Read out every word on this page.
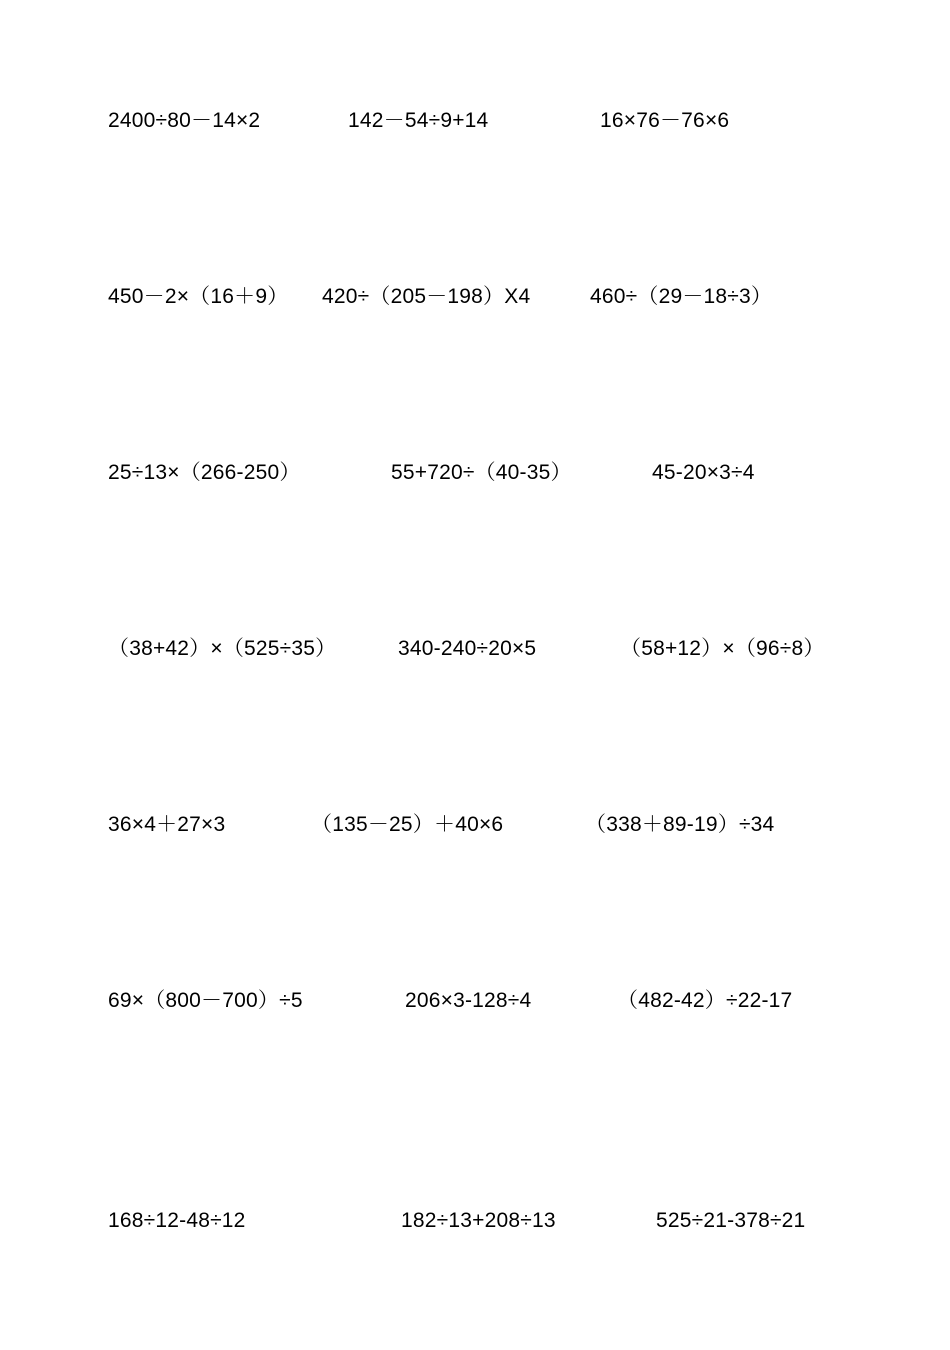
2400÷80－14×2	142－54÷9+14	16×76－76×6
450－2×（16＋9） 420÷（205－198）X4	460÷（29－18÷3）
25÷13×（266-250）	55+720÷（40-35）	45-20×3÷4
（38+42）×（525÷35）	340-240÷20×5	（58+12）×（96÷8）
36×4＋27×3	（135－25）＋40×6	（338＋89-19）÷34
69×（800－700）÷5	206×3-128÷4	（482-42）÷22-17
168÷12-48÷12	182÷13+208÷13	525÷21-378÷21
